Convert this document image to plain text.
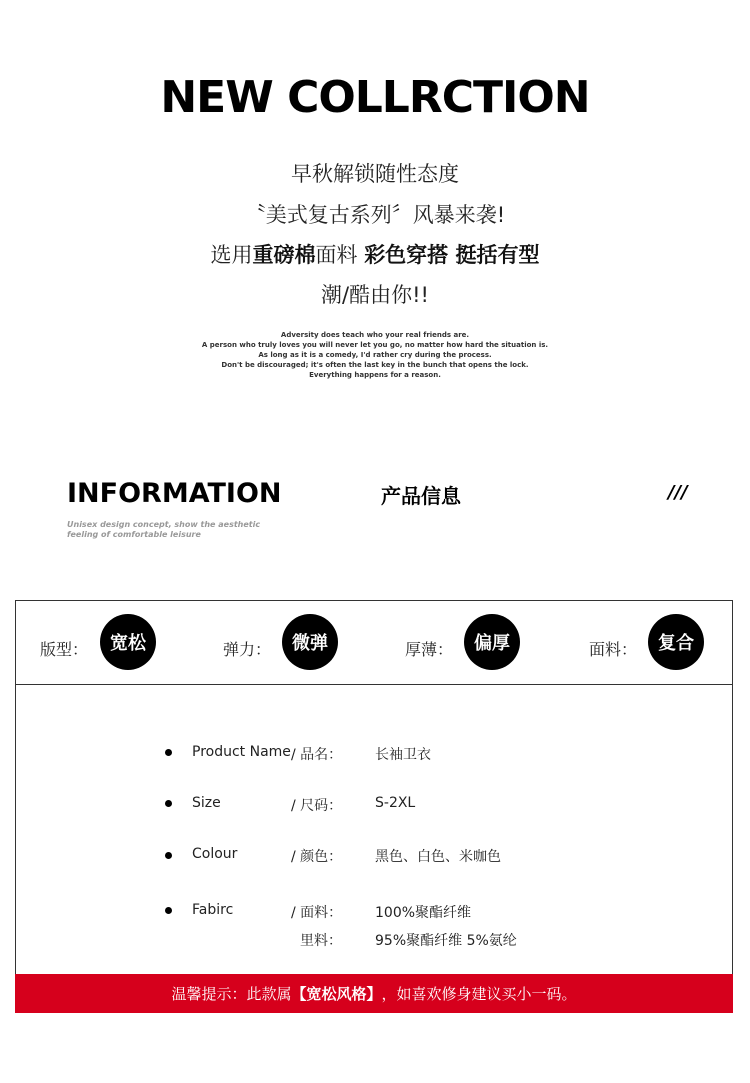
NEW COLLRCTION
早秋解锁随性态度
〝美式复古系列〞风暴来袭!
选用重磅棉面料 彩色穿搭 挺括有型
潮/酷由你!!
Adversity does teach who your real friends are.
A person who truly loves you will never let you go, no matter how hard the situation is.
As long as it is a comedy, I'd rather cry during the process.
Don't be discouraged; it's often the last key in the bunch that opens the lock.
Everything happens for a reason.
INFORMATION	产品信息	///
Unisex design concept, show the aesthetic
feeling of comfortable leisure
版型：	宽松	弹力：	微弹	厚薄：	偏厚	面料：	复合
Product Name / 品名： 长袖卫衣
Size	/ 尺码： S-2XL
Colour	/ 颜色： 黑色、白色、米咖色
Fabirc	/ 面料： 100%聚酯纤维
里料： 95%聚酯纤维 5%氨纶
温馨提示：此款属 【宽松风格】 ，如喜欢修身建议买小一码。
